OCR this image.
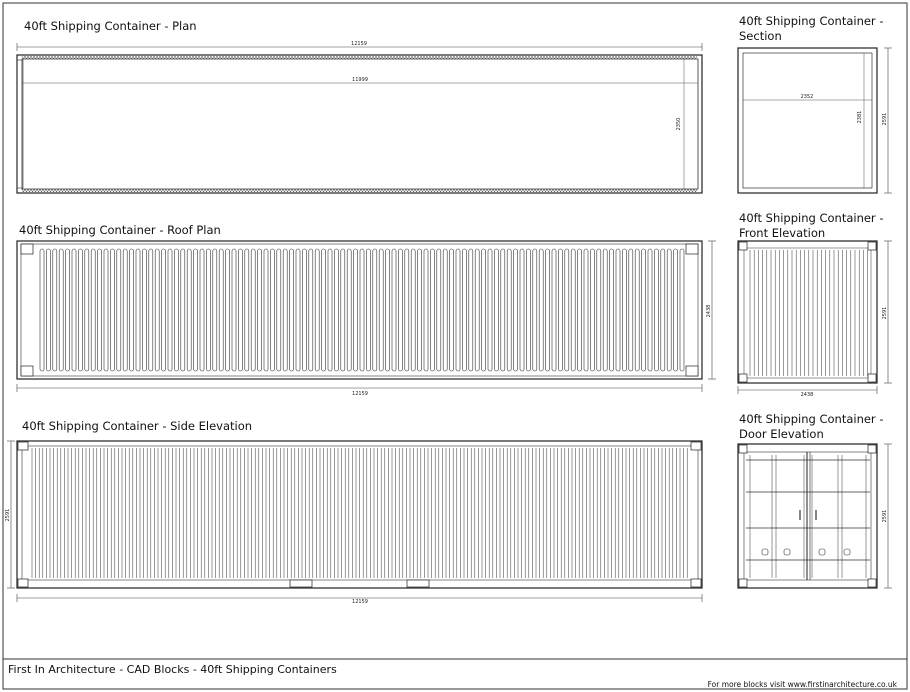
40ft Shipping Container - Plan
12159
11999
2350
40ft Shipping Container -
Section
2352
2381	2591
40ft Shipping Container - Roof Plan
2438
12159
40ft Shipping Container -
Front Elevation
2591
2438
40ft Shipping Container - Side Elevation
2591
12159
40ft Shipping Container -
Door Elevation
2591
First In Architecture - CAD Blocks - 40ft Shipping Containers
For more blocks visit www.firstinarchitecture.co.uk
